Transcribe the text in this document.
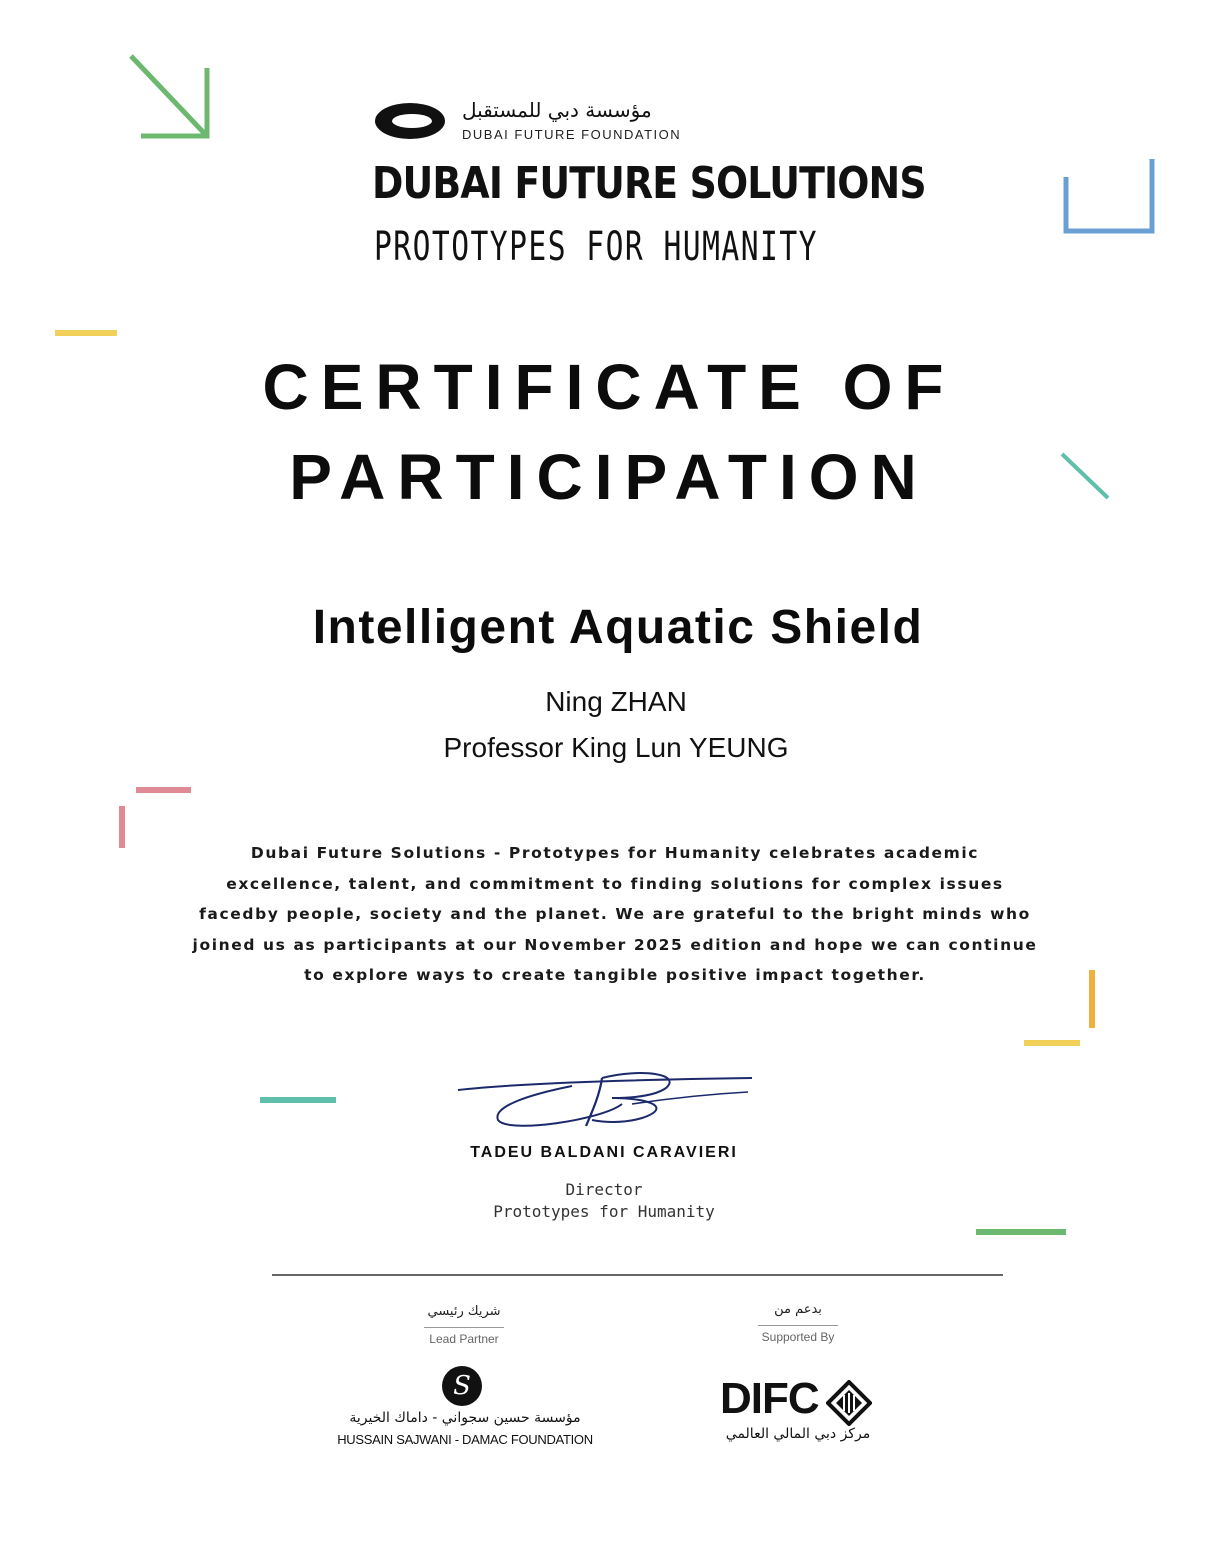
مؤسسة دبي للمستقبل
DUBAI FUTURE FOUNDATION
DUBAI FUTURE SOLUTIONS
PROTOTYPES FOR HUMANITY
CERTIFICATE OF
PARTICIPATION
Intelligent Aquatic Shield
Ning ZHAN
Professor King Lun YEUNG
Dubai Future Solutions - Prototypes for Humanity celebrates academic excellence, talent, and commitment to finding solutions for complex issues facedby people, society and the planet. We are grateful to the bright minds who joined us as participants at our November 2025 edition and hope we can continue to explore ways to create tangible positive impact together.
TADEU BALDANI CARAVIERI
Director
Prototypes for Humanity
شريك رئيسي
Lead Partner
S
مؤسسة حسين سجواني - داماك الخيرية
HUSSAIN SAJWANI - DAMAC FOUNDATION
بدعم من
Supported By
DIFC
مركز دبي المالي العالمي
